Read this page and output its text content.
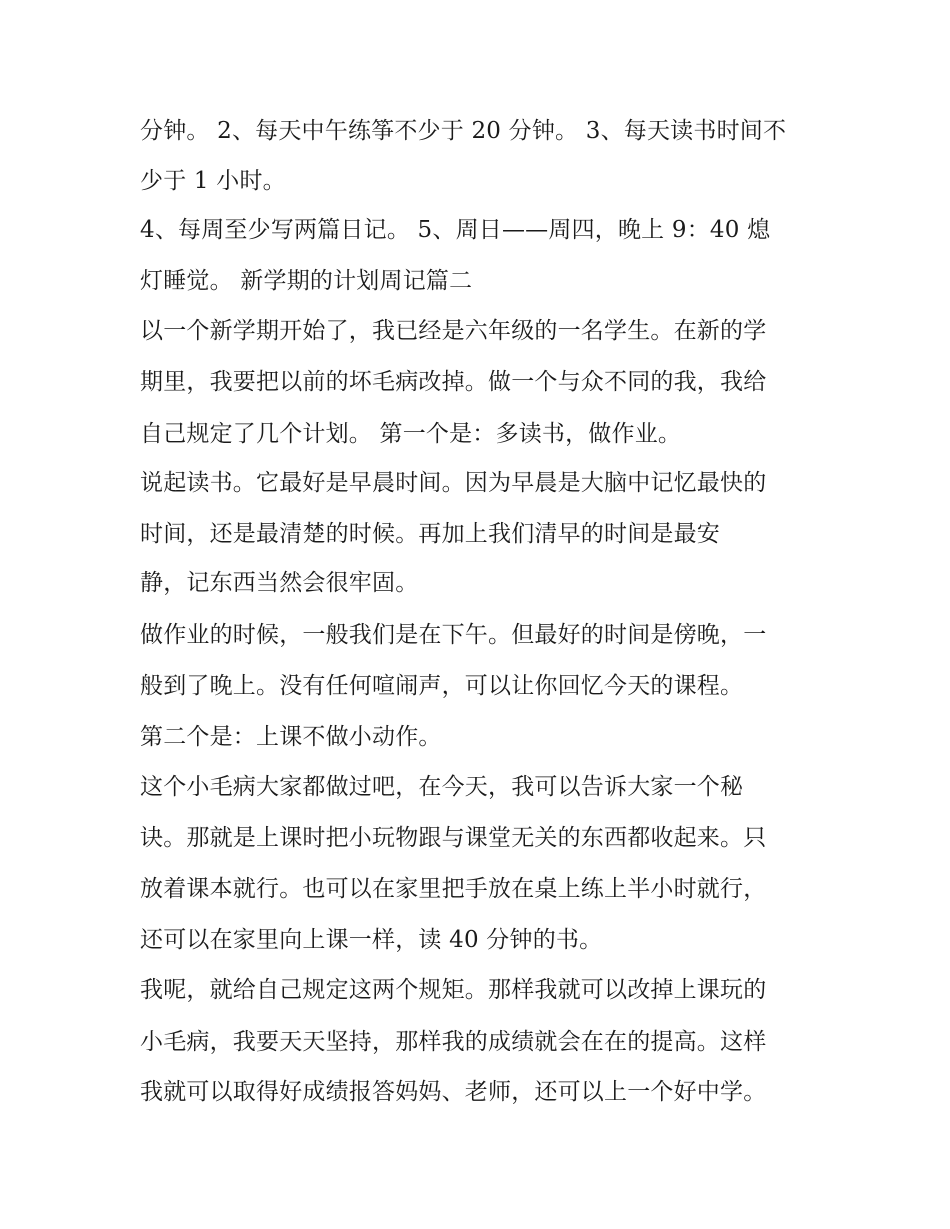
分钟。 2、每天中午练筝不少于 20 分钟。 3、每天读书时间不

少于 1 小时。

4、每周至少写两篇日记。 5、周日——周四，晚上 9：40 熄

灯睡觉。 新学期的计划周记篇二

以一个新学期开始了，我已经是六年级的一名学生。在新的学

期里，我要把以前的坏毛病改掉。做一个与众不同的我，我给

自己规定了几个计划。 第一个是：多读书，做作业。

说起读书。它最好是早晨时间。因为早晨是大脑中记忆最快的

时间，还是最清楚的时候。再加上我们清早的时间是最安

静，记东西当然会很牢固。

做作业的时候，一般我们是在下午。但最好的时间是傍晚，一

般到了晚上。没有任何喧闹声，可以让你回忆今天的课程。

第二个是：上课不做小动作。

这个小毛病大家都做过吧，在今天，我可以告诉大家一个秘

诀。那就是上课时把小玩物跟与课堂无关的东西都收起来。只

放着课本就行。也可以在家里把手放在桌上练上半小时就行，

还可以在家里向上课一样，读 40 分钟的书。

我呢，就给自己规定这两个规矩。那样我就可以改掉上课玩的

小毛病，我要天天坚持，那样我的成绩就会在在的提高。这样

我就可以取得好成绩报答妈妈、老师，还可以上一个好中学。
